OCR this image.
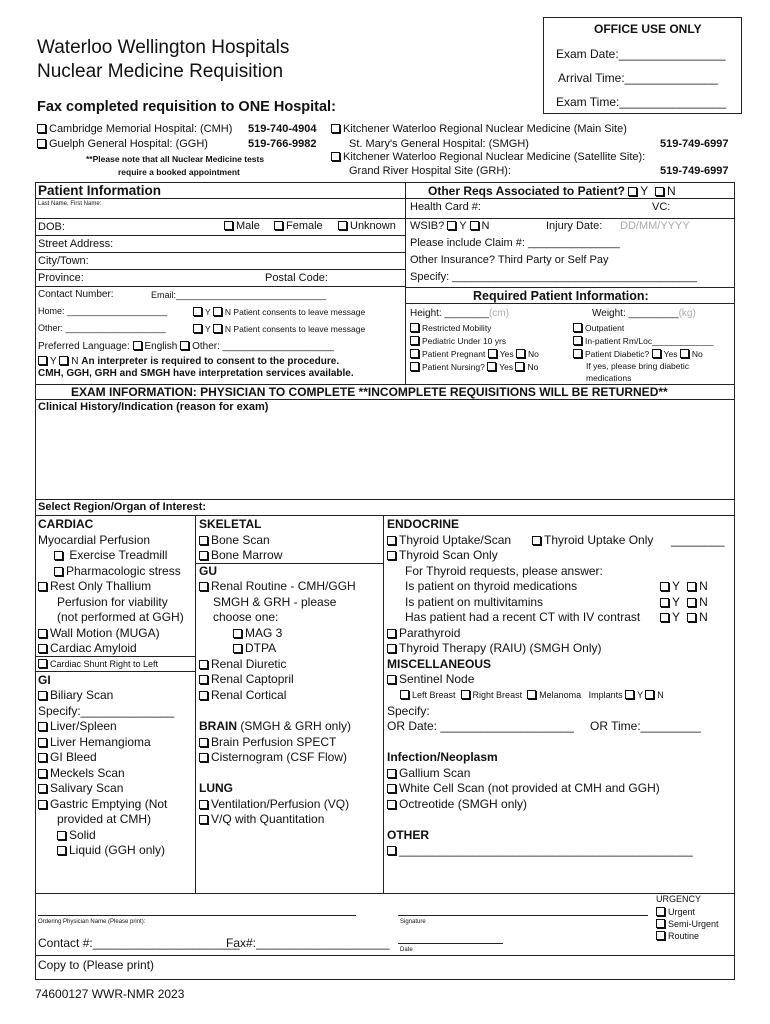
Waterloo Wellington Hospitals
Nuclear Medicine Requisition
Fax completed requisition to ONE Hospital:
OFFICE USE ONLY
Exam Date:________________
Arrival Time:______________
Exam Time:________________
Cambridge Memorial Hospital: (CMH) 519-740-4904
Guelph General Hospital: (GGH)	519-766-9982
**Please note that all Nuclear Medicine tests
require a booked appointment
Kitchener Waterloo Regional Nuclear Medicine (Main Site)
St. Mary's General Hospital: (SMGH)	519-749-6997
Kitchener Waterloo Regional Nuclear Medicine (Satellite Site):
Grand River Hospital Site (GRH):	519-749-6997
Patient Information
Last Name, First Name:
DOB:	Male	Female	Unknown
Street Address:
City/Town:
Province:	Postal Code:
Contact Number:	Email:______________________________
Home: ____________________	Y N Patient consents to leave message
Other: ____________________	Y N Patient consents to leave message
Preferred Language: English Other: ____________________
Y N An interpreter is required to consent to the procedure.
CMH, GGH, GRH and SMGH have interpretation services available.
Other Reqs Associated to Patient? Y N
Health Card #:	VC:
WSIB? Y N	Injury Date: DD/MM/YYYY
Please include Claim #: _______________
Other Insurance? Third Party or Self Pay
Specify: ________________________________________
Required Patient Information:
Height: ________(cm)	Weight: _________(kg)
Restricted Mobility
Pediatric Under 10 yrs
Patient Pregnant Yes No
Patient Nursing? Yes No
Outpatient
In-patient Rm/Loc_____________
Patient Diabetic? Yes No
If yes, please bring diabetic
medications
EXAM INFORMATION: PHYSICIAN TO COMPLETE **INCOMPLETE REQUISITIONS WILL BE RETURNED**
Clinical History/Indication (reason for exam)
Select Region/Organ of Interest:
CARDIAC
Myocardial Perfusion
Exercise Treadmill
Pharmacologic stress
Rest Only Thallium
Perfusion for viability
(not performed at GGH)
Wall Motion (MUGA)
Cardiac Amyloid
Cardiac Shunt Right to Left
GI
Biliary Scan
Specify:______________
Liver/Spleen
Liver Hemangioma
GI Bleed
Meckels Scan
Salivary Scan
Gastric Emptying (Not
provided at CMH)
Solid
Liquid (GGH only)
SKELETAL
Bone Scan
Bone Marrow
GU
Renal Routine - CMH/GGH
SMGH & GRH - please
choose one:
MAG 3
DTPA
Renal Diuretic
Renal Captopril
Renal Cortical
BRAIN (SMGH & GRH only)
Brain Perfusion SPECT
Cisternogram (CSF Flow)
LUNG
Ventilation/Perfusion (VQ)
V/Q with Quantitation
ENDOCRINE
Thyroid Uptake/Scan	Thyroid Uptake Only ________
Thyroid Scan Only
For Thyroid requests, please answer:
Is patient on thyroid medications	Y N
Is patient on multivitamins	Y N
Has patient had a recent CT with IV contrast	Y N
Parathyroid
Thyroid Therapy (RAIU) (SMGH Only)
MISCELLANEOUS
Sentinel Node
Left Breast Right Breast Melanoma Implants Y N
Specify:
OR Date: ____________________ OR Time:_________
Infection/Neoplasm
Gallium Scan
White Cell Scan (not provided at CMH and GGH)
Octreotide (SMGH only)
OTHER
____________________________________________
Ordering Physician Name (Please print):	Signature
Date
Contact #:______________________
Fax#:____________________
URGENCY
Urgent
Semi-Urgent
Routine
Copy to (Please print)
74600127 WWR-NMR 2023
